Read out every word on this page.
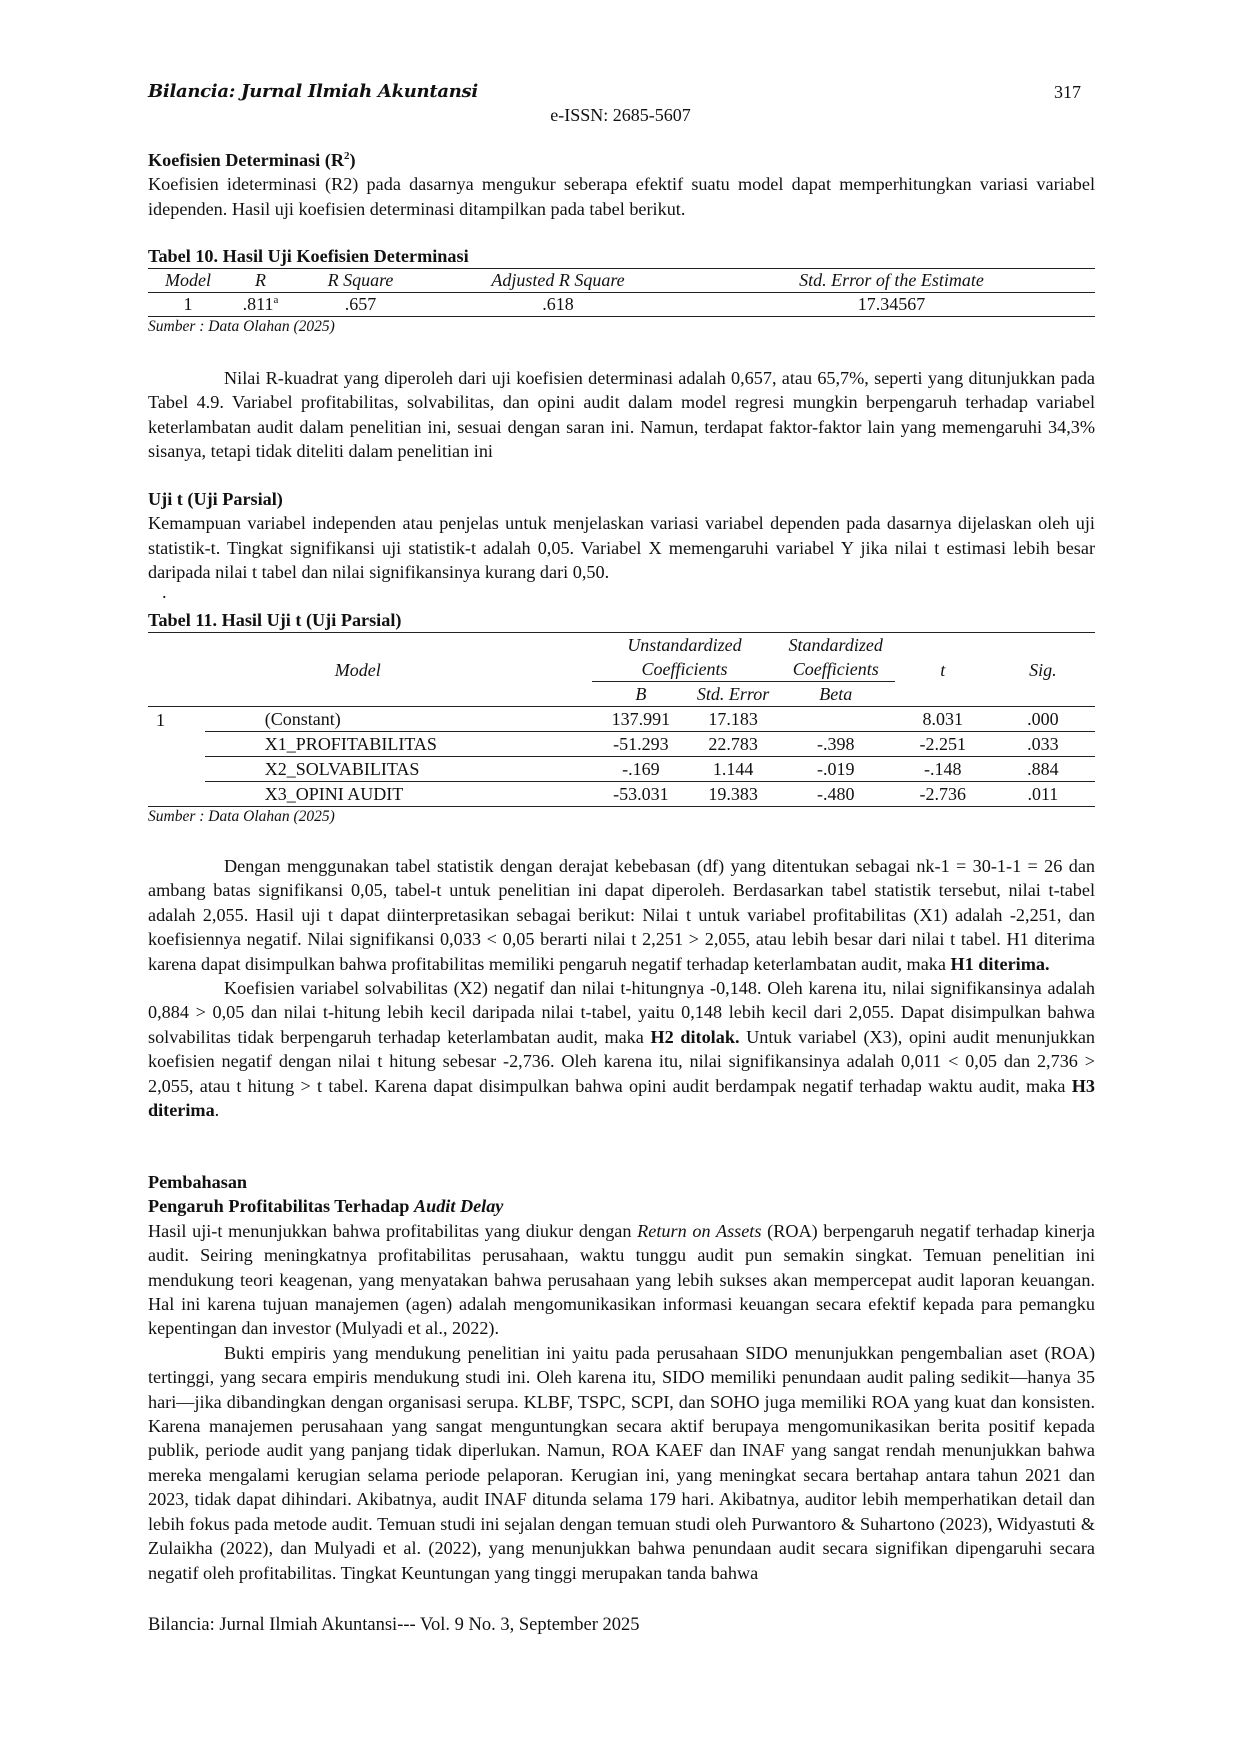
Bilancia: Jurnal Ilmiah Akuntansi	317
e-ISSN: 2685-5607
Koefisien Determinasi $(R^2)$

Koefisien ideterminasi (R2) pada dasarnya mengukur seberapa efektif suatu model dapat memperhitungkan variasi variabel idependen. Hasil uji koefisien determinasi ditampilkan pada tabel berikut.

Tabel 10. Hasil Uji Koefisien Determinasi
Model	R	R Square	Adjusted R Square	Std. Error of the Estimate
1	.811$^a$	.657	.618	17.34567
Sumber : Data Olahan (2025)

Nilai R-kuadrat yang diperoleh dari uji koefisien determinasi adalah 0,657, atau 65,7%, seperti yang ditunjukkan pada Tabel 4.9. Variabel profitabilitas, solvabilitas, dan opini audit dalam model regresi mungkin berpengaruh terhadap variabel keterlambatan audit dalam penelitian ini, sesuai dengan saran ini. Namun, terdapat faktor-faktor lain yang memengaruhi 34,3% sisanya, tetapi tidak diteliti dalam penelitian ini

Uji t (Uji Parsial)

Kemampuan variabel independen atau penjelas untuk menjelaskan variasi variabel dependen pada dasarnya dijelaskan oleh uji statistik-t. Tingkat signifikansi uji statistik-t adalah 0,05. Variabel X memengaruhi variabel Y jika nilai t estimasi lebih besar daripada nilai t tabel dan nilai signifikansinya kurang dari 0,50.

.
Tabel 11. Hasil Uji t (Uji Parsial)
		Unstandardized		Standardized		
	Model	Coefficients		Coefficients	t	Sig.
		B	Std. Error	Beta		
1	(Constant)	137.991	17.183		8.031	.000
	X1_PROFITABILITAS	-51.293	22.783	-.398	-2.251	.033
	X2_SOLVABILITAS	-.169	1.144	-.019	-.148	.884
	X3_OPINI AUDIT	-53.031	19.383	-.480	-2.736	.011
Sumber : Data Olahan (2025)

Dengan menggunakan tabel statistik dengan derajat kebebasan (df) yang ditentukan sebagai nk-1 = 30-1-1 = 26 dan ambang batas signifikansi 0,05, tabel-t untuk penelitian ini dapat diperoleh. Berdasarkan tabel statistik tersebut, nilai t-tabel adalah 2,055. Hasil uji t dapat diinterpretasikan sebagai berikut: Nilai t untuk variabel profitabilitas (X1) adalah -2,251, dan koefisiennya negatif. Nilai signifikansi 0,033 < 0,05 berarti nilai t 2,251 > 2,055, atau lebih besar dari nilai t tabel. H1 diterima karena dapat disimpulkan bahwa profitabilitas memiliki pengaruh negatif terhadap keterlambatan audit, maka H1 diterima.

Koefisien variabel solvabilitas (X2) negatif dan nilai t-hitungnya -0,148. Oleh karena itu, nilai signifikansinya adalah 0,884 > 0,05 dan nilai t-hitung lebih kecil daripada nilai t-tabel, yaitu 0,148 lebih kecil dari 2,055. Dapat disimpulkan bahwa solvabilitas tidak berpengaruh terhadap keterlambatan audit, maka H2 ditolak. Untuk variabel (X3), opini audit menunjukkan koefisien negatif dengan nilai t hitung sebesar -2,736. Oleh karena itu, nilai signifikansinya adalah 0,011 < 0,05 dan 2,736 > 2,055, atau t hitung > t tabel. Karena dapat disimpulkan bahwa opini audit berdampak negatif terhadap waktu audit, maka H3 diterima.

Pembahasan
Pengaruh Profitabilitas Terhadap Audit Delay

Hasil uji-t menunjukkan bahwa profitabilitas yang diukur dengan Return on Assets (ROA) berpengaruh negatif terhadap kinerja audit. Seiring meningkatnya profitabilitas perusahaan, waktu tunggu audit pun semakin singkat. Temuan penelitian ini mendukung teori keagenan, yang menyatakan bahwa perusahaan yang lebih sukses akan mempercepat audit laporan keuangan. Hal ini karena tujuan manajemen (agen) adalah mengomunikasikan informasi keuangan secara efektif kepada para pemangku kepentingan dan investor (Mulyadi et al., 2022).

Bukti empiris yang mendukung penelitian ini yaitu pada perusahaan SIDO menunjukkan pengembalian aset (ROA) tertinggi, yang secara empiris mendukung studi ini. Oleh karena itu, SIDO memiliki penundaan audit paling sedikit—hanya 35 hari—jika dibandingkan dengan organisasi serupa. KLBF, TSPC, SCPI, dan SOHO juga memiliki ROA yang kuat dan konsisten. Karena manajemen perusahaan yang sangat menguntungkan secara aktif berupaya mengomunikasikan berita positif kepada publik, periode audit yang panjang tidak diperlukan. Namun, ROA KAEF dan INAF yang sangat rendah menunjukkan bahwa mereka mengalami kerugian selama periode pelaporan. Kerugian ini, yang meningkat secara bertahap antara tahun 2021 dan 2023, tidak dapat dihindari. Akibatnya, audit INAF ditunda selama 179 hari. Akibatnya, auditor lebih memperhatikan detail dan lebih fokus pada metode audit. Temuan studi ini sejalan dengan temuan studi oleh Purwantoro & Suhartono (2023), Widyastuti & Zulaikha (2022), dan Mulyadi et al. (2022), yang menunjukkan bahwa penundaan audit secara signifikan dipengaruhi secara negatif oleh profitabilitas. Tingkat Keuntungan yang tinggi merupakan tanda bahwa

Bilancia: Jurnal Ilmiah Akuntansi--- Vol. 9 No. 3, September 2025
